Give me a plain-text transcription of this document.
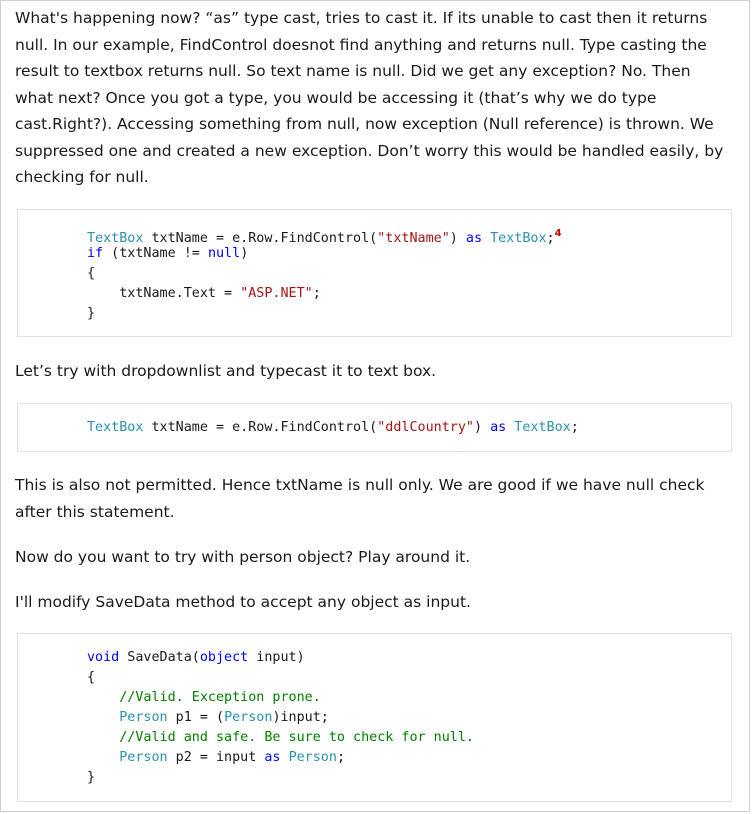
What's happening now? “as” type cast, tries to cast it. If its unable to cast then it returns null. In our example, FindControl doesnot find anything and returns null. Type casting the result to textbox returns null. So text name is null. Did we get any exception? No. Then what next? Once you got a type, you would be accessing it (that’s why we do type cast.Right?). Accessing something from null, now exception (Null reference) is thrown. We suppressed one and created a new exception. Don’t worry this would be handled easily, by checking for null.

TextBox txtName = e.Row.FindControl("txtName") as TextBox;$^4$
if (txtName != null)
{
txtName.Text = "ASP.NET";
}

Let’s try with dropdownlist and typecast it to text box.

TextBox txtName = e.Row.FindControl("ddlCountry") as TextBox;

This is also not permitted. Hence txtName is null only. We are good if we have null check after this statement.

Now do you want to try with person object? Play around it.

I'll modify SaveData method to accept any object as input.

void SaveData(object input)
{
//Valid. Exception prone.
Person p1 = (Person)input;
//Valid and safe. Be sure to check for null.
Person p2 = input as Person;
}
